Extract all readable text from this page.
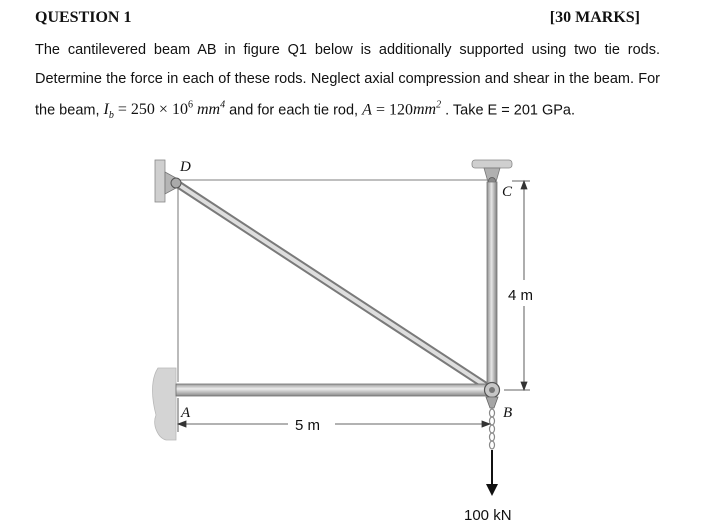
QUESTION 1	[30 MARKS]
The cantilevered beam AB in figure Q1 below is additionally supported using two tie rods.
Determine the force in each of these rods. Neglect axial compression and shear in the beam. For
the beam, $I_b = 250 \times 10^6$ $mm^4$ and for each tie rod, $A = 120mm^2$ . Take E = 201 GPa.
D
C
A	B
4 m
5 m
100 kN
